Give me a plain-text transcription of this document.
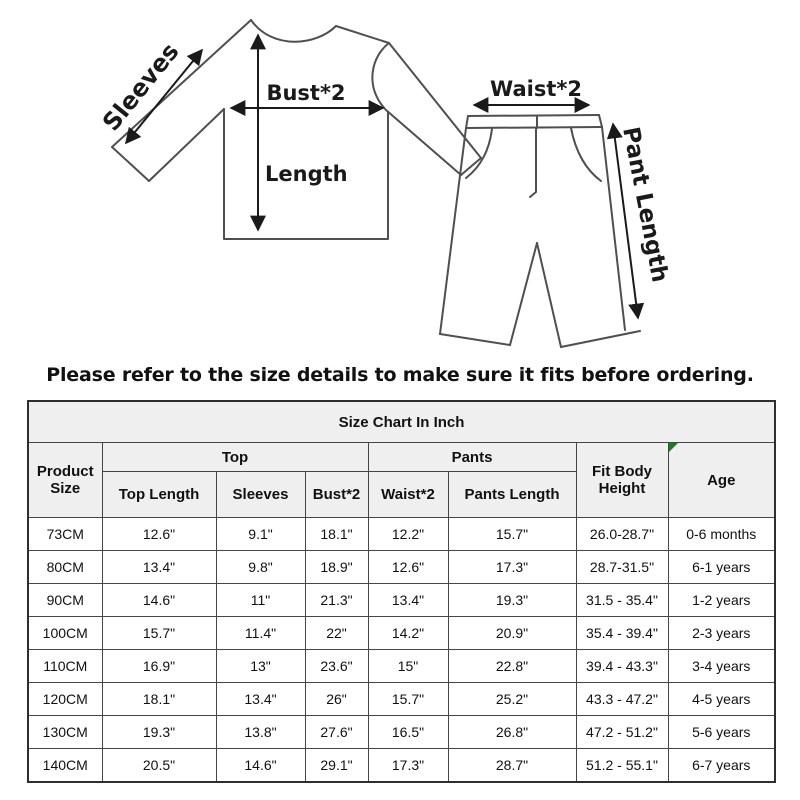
Sleeves	Bust*2
Length
Waist*2
Pant Length
Please refer to the size details to make sure it fits before ordering.
Size Chart In Inch							
Product Size	Top			Pants		Fit Body Height	Age
	Top Length	Sleeves	Bust*2	Waist*2	Pants Length		
73CM	12.6"	9.1"	18.1"	12.2"	15.7"	26.0-28.7"	0-6 months
80CM	13.4"	9.8"	18.9"	12.6"	17.3"	28.7-31.5"	6-1 years
90CM	14.6"	11"	21.3"	13.4"	19.3"	31.5 - 35.4"	1-2 years
100CM	15.7"	11.4"	22"	14.2"	20.9"	35.4 - 39.4"	2-3 years
110CM	16.9"	13"	23.6"	15"	22.8"	39.4 - 43.3"	3-4 years
120CM	18.1"	13.4"	26"	15.7"	25.2"	43.3 - 47.2"	4-5 years
130CM	19.3"	13.8"	27.6"	16.5"	26.8"	47.2 - 51.2"	5-6 years
140CM	20.5"	14.6"	29.1"	17.3"	28.7"	51.2 - 55.1"	6-7 years
